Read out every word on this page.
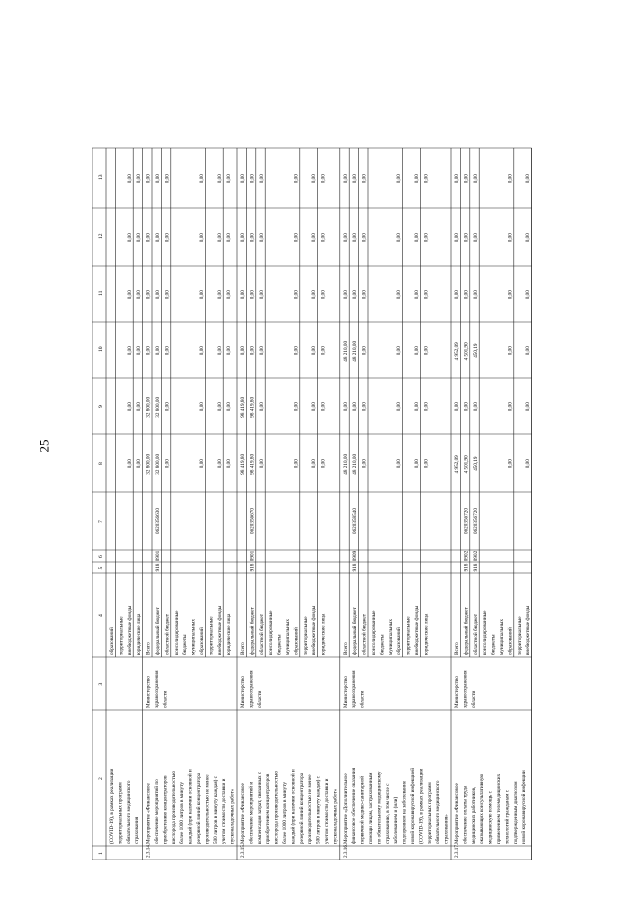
25
1
2
3
4
5
6
7
8
9
10
11
12
13
(COVID-19), в рамках реализации территориальных программ обязательного медицинского страхования
образований территориальные внебюджетные фонды
0,00
0,00
0,00
0,00
0,00
0,00
юридические лица
0,00
0,00
0,00
0,00
0,00
0,00
2.3.14.
Мероприятие «Финансовое обеспечение мероприятий по приобретению концентраторов кислорода производительностью более 1000 литров в минуту каждый (при наличии основной и резервной линий концентратора производительностью не менее 500 литров в минуту каждая) с учетом стоимости доставки и пусконаладочных работ»
Министерство здравоохранения области
Всего
32 800,00
32 800,00
0,00
0,00
0,00
0,00
федеральный бюджет
918
0901
0620356630
32 800,00
32 800,00
0,00
0,00
0,00
0,00
областной бюджет
0,00
0,00
0,00
0,00
0,00
0,00
консолидированные бюджеты муниципальных образований
0,00
0,00
0,00
0,00
0,00
0,00
территориальные внебюджетные фонды
0,00
0,00
0,00
0,00
0,00
0,00
юридические лица
0,00
0,00
0,00
0,00
0,00
0,00
2.3.15.
Мероприятие «Финансовое обеспечение мероприятий и компенсация затрат, связанных с приобретением концентраторов кислорода производительностью более 1000 литров в минуту каждый (при наличии основной и резервной линий концентратора производительностью не менее 500 литров в минуту каждая) с учетом стоимости доставки и пусконаладочных работ»
Министерство здравоохранения области
Всего
98 419,80
98 419,80
0,00
0,00
0,00
0,00
федеральный бюджет
918
0901
0620356670
98 419,80
98 419,80
0,00
0,00
0,00
0,00
областной бюджет
0,00
0,00
0,00
0,00
0,00
0,00
консолидированные бюджеты муниципальных образований
0,00
0,00
0,00
0,00
0,00
0,00
территориальные внебюджетные фонды
0,00
0,00
0,00
0,00
0,00
0,00
юридические лица
0,00
0,00
0,00
0,00
0,00
0,00
2.3.16.
Мероприятие «Дополнительное финансовое обеспечение оказания первичной медико-санитарной помощи лицам, застрахованным по обязательному медицинскому страхованию, в том числе с заболеванием и (или) подозрением на заболевание новой коронавирусной инфекцией (COVID-19), в рамках реализации территориальных программ обязательного медицинского страхования»
Министерство здравоохранения области
Всего
48 210,00
0,00
48 210,00
0,00
0,00
0,00
федеральный бюджет
918
0909
0620358540
48 210,00
0,00
48 210,00
0,00
0,00
0,00
областной бюджет
0,00
0,00
0,00
0,00
0,00
0,00
консолидированные бюджеты муниципальных образований
0,00
0,00
0,00
0,00
0,00
0,00
территориальные внебюджетные фонды
0,00
0,00
0,00
0,00
0,00
0,00
юридические лица
0,00
0,00
0,00
0,00
0,00
0,00
2.3.17.
Мероприятие «Финансовое обеспечение оплаты труда медицинских работников, оказывающих консультативную медицинскую помощь с применением телемедицинских технологий гражданам с подтвержденным диагнозом новой коронавирусной инфекции
Министерство здравоохранения области
Всего
4 952,09
0,00
4 952,09
0,00
0,00
0,00
федеральный бюджет
918
0902
0620356720
4 501,90
0,00
4 501,90
0,00
0,00
0,00
областной бюджет
918
0902
0620356720
450,19
0,00
450,19
0,00
0,00
0,00
консолидированные бюджеты муниципальных образований
0,00
0,00
0,00
0,00
0,00
0,00
территориальные внебюджетные фонды
0,00
0,00
0,00
0,00
0,00
0,00
